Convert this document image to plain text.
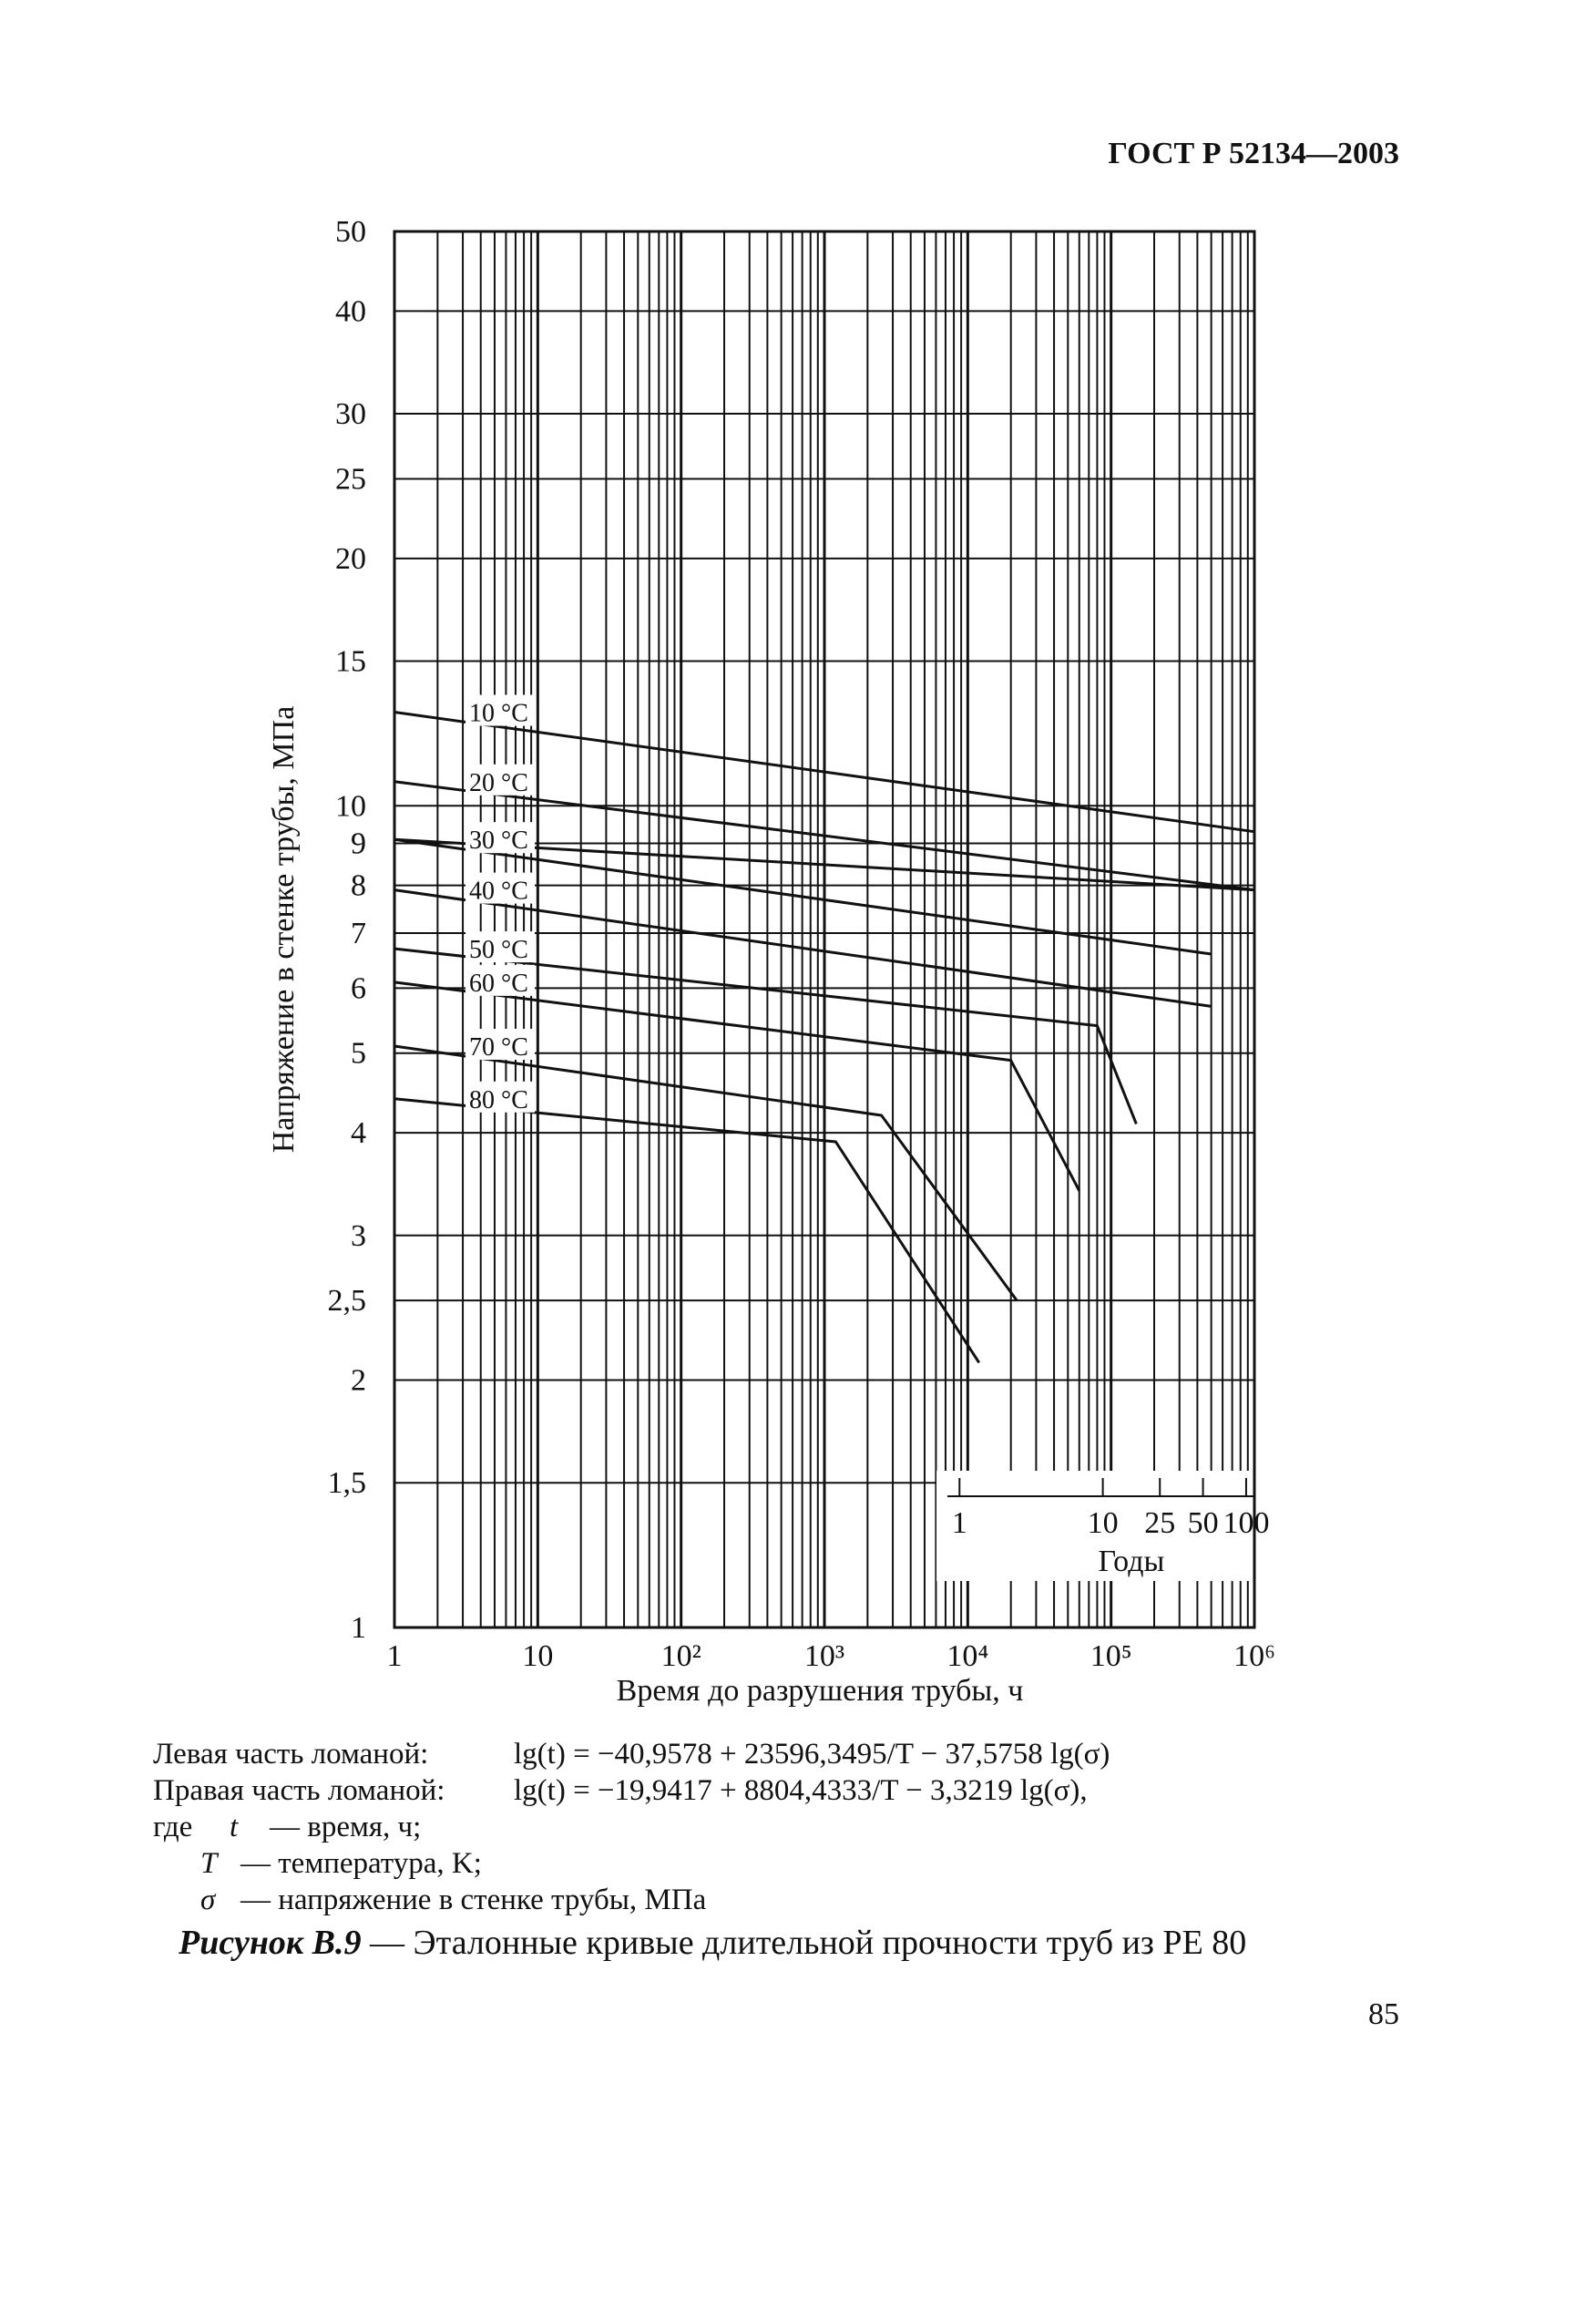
ГОСТ Р 52134—2003
1	10 25 50 100
Годы
1	10	10²	10³	10⁴	10⁵	10⁶
1
1,5
2
2,5
3
4
5
6
7
8
9
10
15
20
25
30
40
50
10 °C
20 °C
30 °C
40 °C
50 °C
60 °C
70 °C
80 °C
Напряжение в стенке трубы, МПа
Время до разрушения трубы, ч
Левая часть ломаной:	lg(t) = −40,9578 + 23596,3495/T − 37,5758 lg(σ)
Правая часть ломаной: lg(t) = −19,9417 + 8804,4333/T − 3,3219 lg(σ),
где t — время, ч;
T — температура, K;
σ — напряжение в стенке трубы, МПа
Рисунок В.9 — Эталонные кривые длительной прочности труб из PE 80
85
